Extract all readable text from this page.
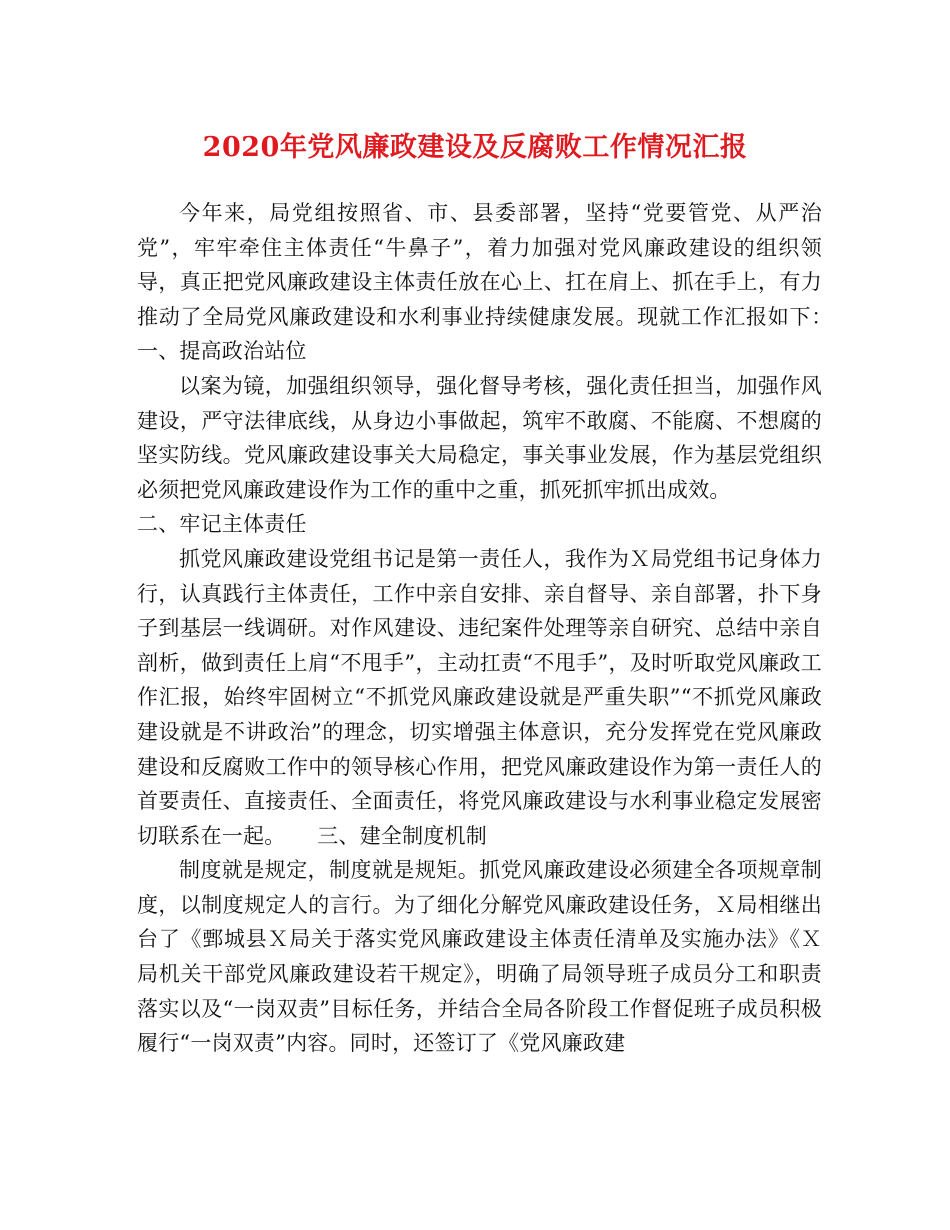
2020年党风廉政建设及反腐败工作情况汇报

今年来，局党组按照省、市、县委部署，坚持“党要管党、从严治党”，牢牢牵住主体责任“牛鼻子”，着力加强对党风廉政建设的组织领导，真正把党风廉政建设主体责任放在心上、扛在肩上、抓在手上，有力推动了全局党风廉政建设和水利事业持续健康发展。现就工作汇报如下：　　一、提高政治站位

以案为镜，加强组织领导，强化督导考核，强化责任担当，加强作风建设，严守法律底线，从身边小事做起，筑牢不敢腐、不能腐、不想腐的坚实防线。党风廉政建设事关大局稳定，事关事业发展，作为基层党组织必须把党风廉政建设作为工作的重中之重，抓死抓牢抓出成效。

二、牢记主体责任

抓党风廉政建设党组书记是第一责任人，我作为Ｘ局党组书记身体力行，认真践行主体责任，工作中亲自安排、亲自督导、亲自部署，扑下身子到基层一线调研。对作风建设、违纪案件处理等亲自研究、总结中亲自剖析，做到责任上肩“不甩手”，主动扛责“不甩手”，及时听取党风廉政工作汇报，始终牢固树立“不抓党风廉政建设就是严重失职”“不抓党风廉政建设就是不讲政治”的理念，切实增强主体意识，充分发挥党在党风廉政建设和反腐败工作中的领导核心作用，把党风廉政建设作为第一责任人的首要责任、直接责任、全面责任，将党风廉政建设与水利事业稳定发展密切联系在一起。　　三、建全制度机制

制度就是规定，制度就是规矩。抓党风廉政建设必须建全各项规章制度，以制度规定人的言行。为了细化分解党风廉政建设任务，Ｘ局相继出台了《鄄城县Ｘ局关于落实党风廉政建设主体责任清单及实施办法》《Ｘ局机关干部党风廉政建设若干规定》，明确了局领导班子成员分工和职责落实以及“一岗双责”目标任务，并结合全局各阶段工作督促班子成员积极履行“一岗双责”内容。同时，还签订了《党风廉政建
